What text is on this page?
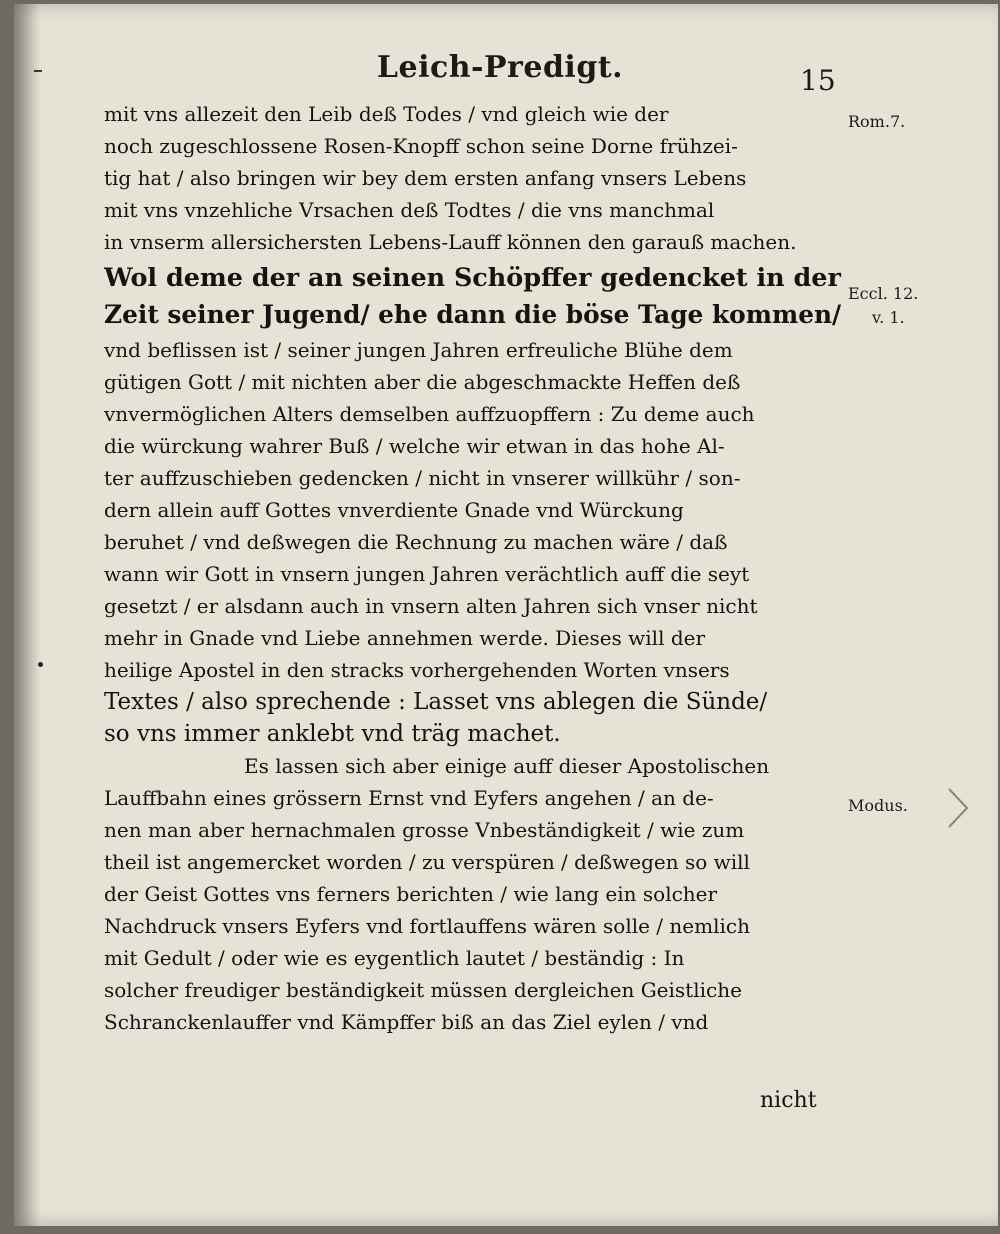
Leich-Predigt.	15
mit vns allezeit den Leib deß Todes / vnd gleich wie der
noch zugeschlossene Rosen-Knopff schon seine Dorne frühzei-
tig hat / also bringen wir bey dem ersten anfang vnsers Lebens
mit vns vnzehliche Vrsachen deß Todtes / die vns manchmal
in vnserm allersichersten Lebens-Lauff können den garauß machen.
Wol deme der an seinen Schöpffer gedencket in der
Zeit seiner Jugend/ ehe dann die böse Tage kommen/
vnd beflissen ist / seiner jungen Jahren erfreuliche Blühe dem
gütigen Gott / mit nichten aber die abgeschmackte Heffen deß
vnvermöglichen Alters demselben auffzuopffern : Zu deme auch
die würckung wahrer Buß / welche wir etwan in das hohe Al-
ter auffzuschieben gedencken / nicht in vnserer willkühr / son-
dern allein auff Gottes vnverdiente Gnade vnd Würckung
beruhet / vnd deßwegen die Rechnung zu machen wäre / daß
wann wir Gott in vnsern jungen Jahren verächtlich auff die seyt
gesetzt / er alsdann auch in vnsern alten Jahren sich vnser nicht
mehr in Gnade vnd Liebe annehmen werde. Dieses will der
heilige Apostel in den stracks vorhergehenden Worten vnsers
Textes / also sprechende : Lasset vns ablegen die Sünde/
so vns immer anklebt vnd träg machet.
Es lassen sich aber einige auff dieser Apostolischen
Lauffbahn eines grössern Ernst vnd Eyfers angehen / an de-
nen man aber hernachmalen grosse Vnbeständigkeit / wie zum
theil ist angemercket worden / zu verspüren / deßwegen so will
der Geist Gottes vns ferners berichten / wie lang ein solcher
Nachdruck vnsers Eyfers vnd fortlauffens wären solle / nemlich
mit Gedult / oder wie es eygentlich lautet / beständig : In
solcher freudiger beständigkeit müssen dergleichen Geistliche
Schranckenlauffer vnd Kämpffer biß an das Ziel eylen / vnd
Rom.7.
Eccl. 12.
v. 1.
Modus.
nicht
